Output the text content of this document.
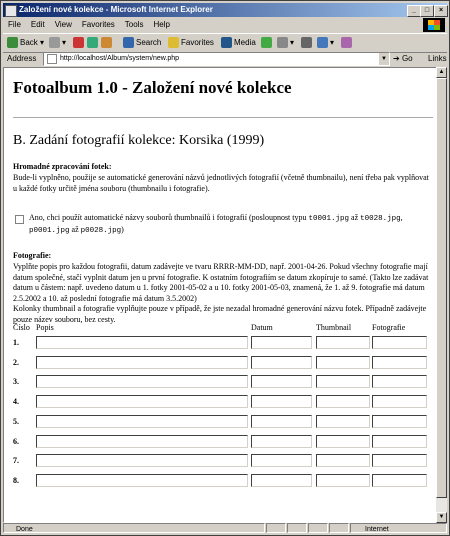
Založení nové kolekce - Microsoft Internet Explorer	_	□	×
File Edit View Favorites Tools Help
Back ▾	▾	Search	Favorites	Media	▾	▾
Address	http://localhost/Album/system/new.php	▼ ➔ Go Links
Fotoalbum 1.0 - Založení nové kolekce
B. Zadání fotografií kolekce: Korsika (1999)
Hromadné zpracování fotek:
Bude-li vyplněno, použije se automatické generování názvů jednotlivých fotografií (včetně thumbnailu), není třeba pak vyplňovat u každé fotky určitě jména souboru (thumbnailu i fotografie).
Ano, chci použít automatické názvy souborů thumbnailů i fotografií (posloupnost typu t0001.jpg až t0028.jpg, p0001.jpg až p0028.jpg)
Fotografie:
Vyplňte popis pro každou fotografii, datum zadávejte ve tvaru RRRR-MM-DD, např. 2001-04-26. Pokud všechny fotografie mají datum společné, stačí vyplnit datum jen u první fotografie. K ostatním fotografiím se datum zkopíruje to samé. (Takto lze zadávat datum u částem: např. uvedeno datum u 1. fotky 2001-05-02 a u 10. fotky 2001-05-03, znamená, že 1. až 9. fotografie má datum 2.5.2002 a 10. až poslední fotografie má datum 3.5.2002)
Kolonky thumbnail a fotografie vyplňujte pouze v případě, že jste nezadal hromadné generování názvu fotek. Případně zadávejte pouze název souboru, bez cesty.
Číslo Popis	Datum	Thumbnail	Fotografie
1.
2.
3.
4.
5.
6.
7.
8.
▲
▼
Done	Internet
